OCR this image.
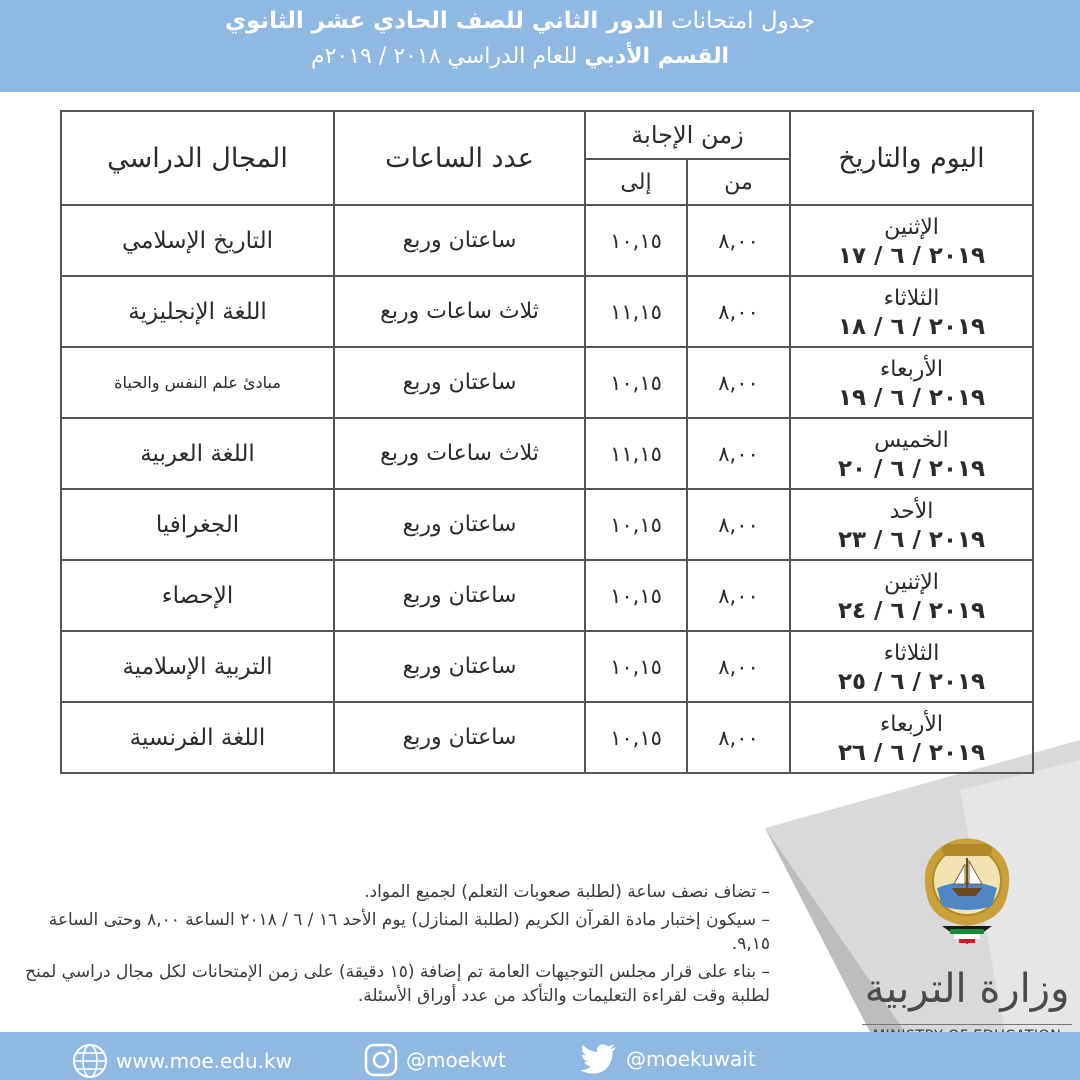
جدول امتحانات الدور الثاني للصف الحادي عشر الثانوي
القسم الأدبي للعام الدراسي ٢٠١٨ / ٢٠١٩م
اليوم والتاريخ	زمن الإجابة		عدد الساعات	المجال الدراسي
	من	إلى		

الإثنين
٢٠١٩ / ٦ / ١٧	٨,٠٠	١٠,١٥	ساعتان وربع	التاريخ الإسلامي

الثلاثاء
٢٠١٩ / ٦ / ١٨	٨,٠٠	١١,١٥	ثلاث ساعات وربع	اللغة الإنجليزية

الأربعاء
٢٠١٩ / ٦ / ١٩	٨,٠٠	١٠,١٥	ساعتان وربع	مبادئ علم النفس والحياة

الخميس
٢٠١٩ / ٦ / ٢٠	٨,٠٠	١١,١٥	ثلاث ساعات وربع	اللغة العربية

الأحد
٢٠١٩ / ٦ / ٢٣	٨,٠٠	١٠,١٥	ساعتان وربع	الجغرافيا

الإثنين
٢٠١٩ / ٦ / ٢٤	٨,٠٠	١٠,١٥	ساعتان وربع	الإحصاء

الثلاثاء
٢٠١٩ / ٦ / ٢٥	٨,٠٠	١٠,١٥	ساعتان وربع	التربية الإسلامية

الأربعاء
٢٠١٩ / ٦ / ٢٦	٨,٠٠	١٠,١٥	ساعتان وربع	اللغة الفرنسية

– تضاف نصف ساعة (لطلبة صعوبات التعلم) لجميع المواد.

– سيكون إختبار مادة القرآن الكريم (لطلبة المنازل) يوم الأحد ١٦ / ٦ / ٢٠١٨ الساعة ٨,٠٠ وحتى الساعة ٩,١٥.

– بناء على قرار مجلس التوجيهات العامة تم إضافة (١٥ دقيقة) على زمن الإمتحانات لكل مجال دراسي لمنح لطلبة وقت لقراءة التعليمات والتأكد من عدد أوراق الأسئلة. وزارة التربية
www.moe.edu.kw	@moekwt	@moekuwait
